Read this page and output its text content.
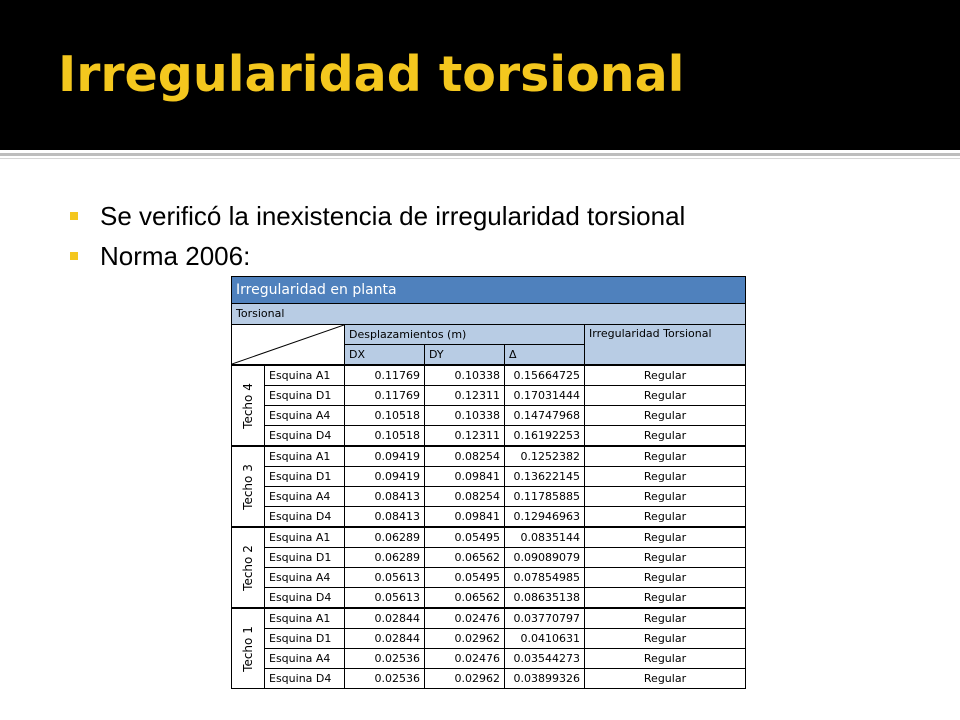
Irregularidad torsional
Se verificó la inexistencia de irregularidad torsional
Norma 2006:
Irregularidad en planta					
Torsional					

	Desplazamientos (m)			Irregularidad Torsional
		DX	DY	Δ	

Techo 4	Esquina A1	0.11769	0.10338	0.15664725	Regular
	Esquina D1	0.11769	0.12311	0.17031444	Regular
	Esquina A4	0.10518	0.10338	0.14747968	Regular
	Esquina D4	0.10518	0.12311	0.16192253	Regular

Techo 3	Esquina A1	0.09419	0.08254	0.1252382	Regular
	Esquina D1	0.09419	0.09841	0.13622145	Regular
	Esquina A4	0.08413	0.08254	0.11785885	Regular
	Esquina D4	0.08413	0.09841	0.12946963	Regular

Techo 2	Esquina A1	0.06289	0.05495	0.0835144	Regular
	Esquina D1	0.06289	0.06562	0.09089079	Regular
	Esquina A4	0.05613	0.05495	0.07854985	Regular
	Esquina D4	0.05613	0.06562	0.08635138	Regular

Techo 1	Esquina A1	0.02844	0.02476	0.03770797	Regular
	Esquina D1	0.02844	0.02962	0.0410631	Regular
	Esquina A4	0.02536	0.02476	0.03544273	Regular
	Esquina D4	0.02536	0.02962	0.03899326	Regular
